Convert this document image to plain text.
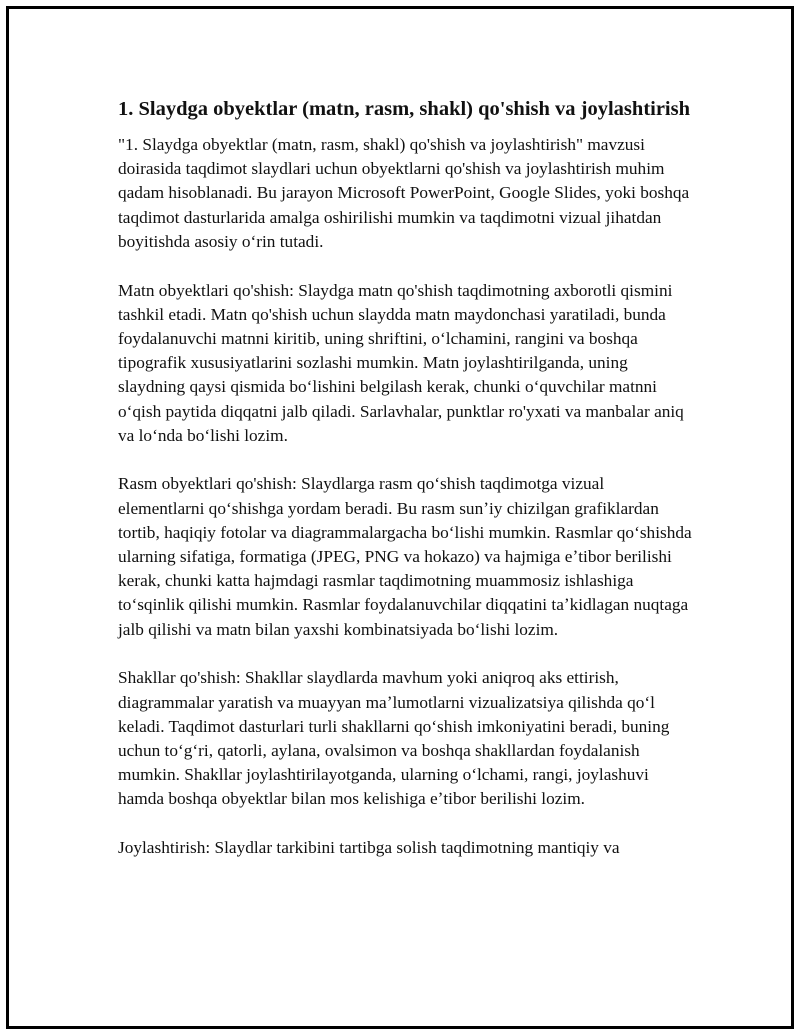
1. Slaydga obyektlar (matn, rasm, shakl) qo'shish va joylashtirish

"1. Slaydga obyektlar (matn, rasm, shakl) qo'shish va joylashtirish" mavzusi doirasida taqdimot slaydlari uchun obyektlarni qo'shish va joylashtirish muhim qadam hisoblanadi. Bu jarayon Microsoft PowerPoint, Google Slides, yoki boshqa taqdimot dasturlarida amalga oshirilishi mumkin va taqdimotni vizual jihatdan boyitishda asosiy oʻrin tutadi.

Matn obyektlari qo'shish: Slaydga matn qo'shish taqdimotning axborotli qismini tashkil etadi. Matn qo'shish uchun slaydda matn maydonchasi yaratiladi, bunda foydalanuvchi matnni kiritib, uning shriftini, oʻlchamini, rangini va boshqa tipografik xususiyatlarini sozlashi mumkin. Matn joylashtirilganda, uning slaydning qaysi qismida boʻlishini belgilash kerak, chunki oʻquvchilar matnni oʻqish paytida diqqatni jalb qiladi. Sarlavhalar, punktlar ro'yxati va manbalar aniq va loʻnda boʻlishi lozim.

Rasm obyektlari qo'shish: Slaydlarga rasm qoʻshish taqdimotga vizual elementlarni qoʻshishga yordam beradi. Bu rasm sunʼiy chizilgan grafiklardan tortib, haqiqiy fotolar va diagrammalargacha boʻlishi mumkin. Rasmlar qoʻshishda ularning sifatiga, formatiga (JPEG, PNG va hokazo) va hajmiga eʼtibor berilishi kerak, chunki katta hajmdagi rasmlar taqdimotning muammosiz ishlashiga toʻsqinlik qilishi mumkin. Rasmlar foydalanuvchilar diqqatini taʼkidlagan nuqtaga jalb qilishi va matn bilan yaxshi kombinatsiyada boʻlishi lozim.

Shakllar qo'shish: Shakllar slaydlarda mavhum yoki aniqroq aks ettirish, diagrammalar yaratish va muayyan maʼlumotlarni vizualizatsiya qilishda qoʻl keladi. Taqdimot dasturlari turli shakllarni qoʻshish imkoniyatini beradi, buning uchun toʻgʻri, qatorli, aylana, ovalsimon va boshqa shakllardan foydalanish mumkin. Shakllar joylashtirilayotganda, ularning oʻlchami, rangi, joylashuvi hamda boshqa obyektlar bilan mos kelishiga eʼtibor berilishi lozim.

Joylashtirish: Slaydlar tarkibini tartibga solish taqdimotning mantiqiy va
